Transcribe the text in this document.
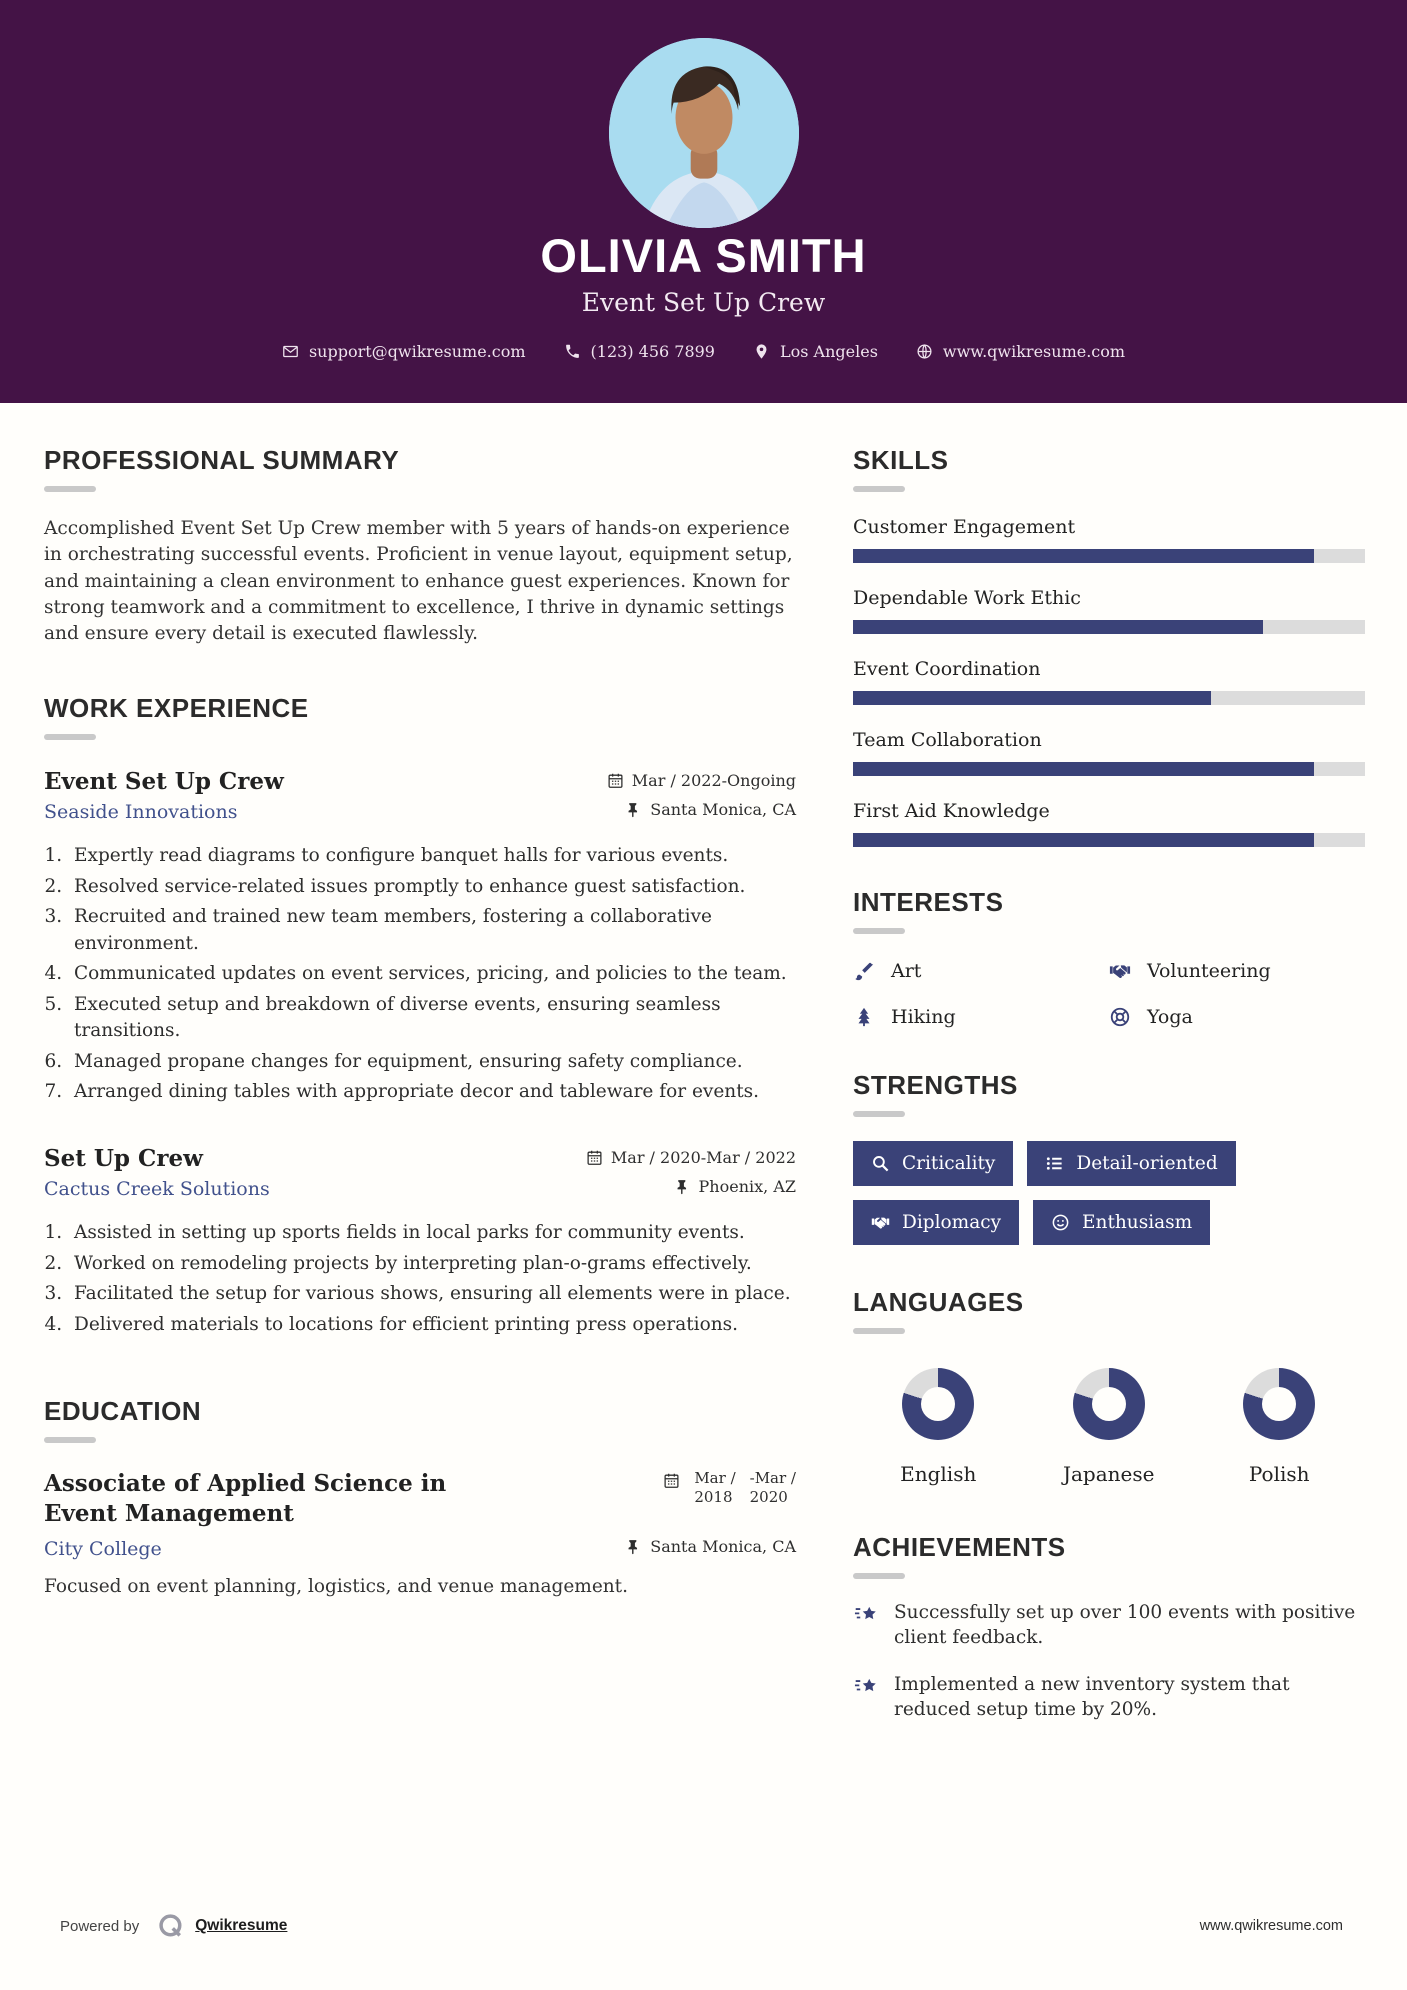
OLIVIA SMITH
Event Set Up Crew
support@qwikresume.com	(123) 456 7899	Los Angeles	www.qwikresume.com
PROFESSIONAL SUMMARY

Accomplished Event Set Up Crew member with 5 years of hands-on experience in orchestrating successful events. Proficient in venue layout, equipment setup, and maintaining a clean environment to enhance guest experiences. Known for strong teamwork and a commitment to excellence, I thrive in dynamic settings and ensure every detail is executed flawlessly.

WORK EXPERIENCE
Event Set Up Crew	Mar / 2022-Ongoing
Seaside Innovations	Santa Monica, CA
1. Expertly read diagrams to configure banquet halls for various events.
2. Resolved service-related issues promptly to enhance guest satisfaction.
3. Recruited and trained new team members, fostering a collaborative environment.
4. Communicated updates on event services, pricing, and policies to the team.
5. Executed setup and breakdown of diverse events, ensuring seamless transitions.
6. Managed propane changes for equipment, ensuring safety compliance.
7. Arranged dining tables with appropriate decor and tableware for events.
Set Up Crew	Mar / 2020-Mar / 2022
Cactus Creek Solutions	Phoenix, AZ
1. Assisted in setting up sports fields in local parks for community events.
2. Worked on remodeling projects by interpreting plan-o-grams effectively.
3. Facilitated the setup for various shows, ensuring all elements were in place.
4. Delivered materials to locations for efficient printing press operations.
EDUCATION
Associate of Applied Science in Event Management
Mar /
2018
-Mar /
2020
City College	Santa Monica, CA
Focused on event planning, logistics, and venue management.
SKILLS
Customer Engagement
Dependable Work Ethic
Event Coordination
Team Collaboration
First Aid Knowledge
INTERESTS
Art	Volunteering
Hiking	Yoga
STRENGTHS
Criticality	Detail-oriented
Diplomacy	Enthusiasm
LANGUAGES
English	Japanese	Polish
ACHIEVEMENTS
Successfully set up over 100 events with positive client feedback.
Implemented a new inventory system that reduced setup time by 20%.
Powered by	Qwikresume	www.qwikresume.com
